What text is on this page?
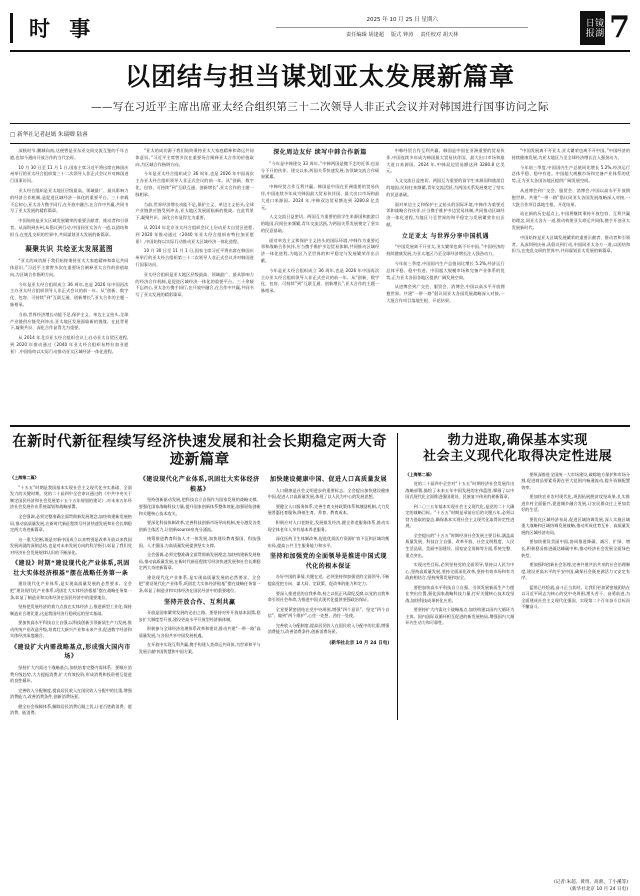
时 事	2025 年 10 月 25 日 星期六
责任编辑 胡逢超 版式 钟涛 责任校对 胡天林	镜湖日报 7
以团结与担当谋划亚太发展新篇章
——写在习近平主席出席亚太经合组织第三十二次领导人非正式会议并对韩国进行国事访问之际
□ 新华社记者赵嫣 朱瑞卿 陆睿

深秋时节,鹏城向南,这便曾是亚东亚交同交流互鉴的千年古港,也如今通向开放合作的当代坐标。

10 月 30 日至 11 月 1 日,国家主席习近平将出席在韩国庆州举行的亚太经合组织第三十二次领导人非正式会议并对韩国进行国事访问。

亚太经合组织是亚太地区层级最高、领域最广、最具影响力的经济合作机制,是促进区域经济一体化的重要平台。三十余载不忘初心,亚太各方携手同行,在开放中融合,在合作中共赢,共同书写了亚太发展的精彩篇章。

中国始终是亚太区域发展繁荣的重要贡献者、推动者和引领者。从深圳到庆州,从倡议到行动,中国同亚太各方一道,以团结和担当,在变乱交织的世界中,共同谋划亚太发展的新篇章。

凝聚共识 共绘亚太发展蓝图

“亚太的成功源于我们始终秉持亚太大家庭精神和命运共同体意识。”习近平主席曾多次在重要场合阐释亚太合作的价值取向,为区域合作指明方向。

今年是亚太经合组织成立 36 周年,也是 2026 年中国再次主办亚太经合组织领导人非正式会议的前一年。从“创新、数字化、包容、可持续”到“互联互通、创新增长”,亚太合作的主题一脉相承。

当前,世界经济增长动能不足,保护主义、单边主义抬头,全球产业链供应链受到冲击,亚太地区发展面临新的挑战。在此背景下,凝聚共识、深化合作显得尤为重要。

从 2014 年北京亚太经合组织会议上启动亚太自贸区进程,到 2020 年推动通过《2040 年亚太经合组织布特拉加亚愿景》,中国始终以实际行动推动亚太区域经济一体化进程。

“亚太的成功源于我们始终秉持亚太大家庭精神和命运共同体意识。”习近平主席曾多次在重要场合阐释亚太合作的价值取向,为区域合作指明方向。

今年是亚太经合组织成立 36 周年,也是 2026 年中国再次主办亚太经合组织领导人非正式会议的前一年。从“创新、数字化、包容、可持续”到“互联互通、创新增长”,亚太合作的主题一脉相承。

当前,世界经济增长动能不足,保护主义、单边主义抬头,全球产业链供应链受到冲击,亚太地区发展面临新的挑战。在此背景下,凝聚共识、深化合作显得尤为重要。

从 2014 年北京亚太经合组织会议上启动亚太自贸区进程,到 2020 年推动通过《2040 年亚太经合组织布特拉加亚愿景》,中国始终以实际行动推动亚太区域经济一体化进程。

10 月 30 日至 11 月 1 日,国家主席习近平将出席在韩国庆州举行的亚太经合组织第三十二次领导人非正式会议并对韩国进行国事访问。

亚太经合组织是亚太地区层级最高、领域最广、最具影响力的经济合作机制,是促进区域经济一体化的重要平台。三十余载不忘初心,亚太各方携手同行,在开放中融合,在合作中共赢,共同书写了亚太发展的精彩篇章。

深化周边友好 续写中韩合作新篇

“今年是中韩建交 33 周年。”中韩两国是搬不走的近邻,也是分不开的伙伴。建交以来,两国关系快速发展,各领域交流合作硕果累累。

中韩经贸合作互利共赢。韩国是中国在亚洲重要的贸易伙伴,中国连续多年成为韩国最大贸易伙伴国、最大出口市场和最大进口来源国。2024 年,中韩双边贸易额达到 3280.8 亿美元。

人文交流日益密切。两国互为重要的留学生来源国和旅游目的地国,民间往来频繁,青年交流活跃,为两国关系发展奠定了坚实的民意基础。

面对单边主义和保护主义抬头的国际环境,中韩作为重要近邻和战略合作伙伴,应当携手维护多边贸易体制,共同推动区域经济一体化进程,为地区乃至世界的和平稳定与发展繁荣作出贡献。

今年是亚太经合组织成立 36 周年,也是 2026 年中国再次主办亚太经合组织领导人非正式会议的前一年。从“创新、数字化、包容、可持续”到“互联互通、创新增长”,亚太合作的主题一脉相承。

中韩经贸合作互利共赢。韩国是中国在亚洲重要的贸易伙伴,中国连续多年成为韩国最大贸易伙伴国、最大出口市场和最大进口来源国。2024 年,中韩双边贸易额达到 3280.8 亿美元。

人文交流日益密切。两国互为重要的留学生来源国和旅游目的地国,民间往来频繁,青年交流活跃,为两国关系发展奠定了坚实的民意基础。

面对单边主义和保护主义抬头的国际环境,中韩作为重要近邻和战略合作伙伴,应当携手维护多边贸易体制,共同推动区域经济一体化进程,为地区乃至世界的和平稳定与发展繁荣作出贡献。

立足亚太 与世界分享中国机遇

“中国发展离不开亚太,亚太繁荣也离不开中国。”中国经济的持续健康发展,为亚太地区乃至全球经济增长注入强劲动力。

今年前三季度,中国国内生产总值同比增长 5.2%,经济运行总体平稳、稳中有进。中国超大规模市场和完备产业体系的优势,正为亚太各国各地区提供广阔发展空间。

从进博会到广交会、服贸会、消博会,中国以高水平开放拥抱世界。共建“一带一路”倡议同亚太各国发展战略深入对接,一大批合作项目落地生根、开花结果。

“中国发展离不开亚太,亚太繁荣也离不开中国。”中国经济的持续健康发展,为亚太地区乃至全球经济增长注入强劲动力。

今年前三季度,中国国内生产总值同比增长 5.2%,经济运行总体平稳、稳中有进。中国超大规模市场和完备产业体系的优势,正为亚太各国各地区提供广阔发展空间。

从进博会到广交会、服贸会、消博会,中国以高水平开放拥抱世界。共建“一带一路”倡议同亚太各国发展战略深入对接,一大批合作项目落地生根、开花结果。

站在新的历史起点上,中国将继续秉持开放包容、互利共赢的理念,同亚太各方一道,推动构建亚太命运共同体,携手开创亚太发展新时代。

中国始终是亚太区域发展繁荣的重要贡献者、推动者和引领者。从深圳到庆州,从倡议到行动,中国同亚太各方一道,以团结和担当,在变乱交织的世界中,共同谋划亚太发展的新篇章。

在新时代新征程续写经济快速发展和社会长期稳定两大奇迹新篇章

《上海第二篇》

“十五五”时期是我国基本实现社会主义现代化夯实基础、全面发力的关键时期。党的二十届四中全会审议通过的《中共中央关于制定国民经济和社会发展第十五个五年规划的建议》,对未来五年经济社会发展作出系统谋划和战略部署。

全会强调,必须完整准确全面贯彻新发展理念,加快构建新发展格局,推动高质量发展,在新时代新征程续写经济快速发展和社会长期稳定两大奇迹新篇章。

这一重大论断,既是对新中国成立以来特别是改革开放以来我国发展成就的深刻总结,也是对未来发展方向的科学指引,彰显了我们党对经济社会发展规律认识的不断深化。

《建设》时期“建设现代化产业体系,巩固壮大实体经济根基”摆在战略任务第一条

建设现代化产业体系,是实现高质量发展的必然要求。全会把“建设现代化产业体系,巩固壮大实体经济根基”摆在战略任务第一条,彰显了制造业和实体经济在国民经济中的重要地位。

坚持把发展经济的着力点放在实体经济上,推进新型工业化,保持制造业合理比重,这是我国经济行稳致远的坚实基础。

要加快高水平科技自立自强,以科技创新引领新质生产力发展,推动传统产业改造升级,培育壮大新兴产业和未来产业,促进数字经济和实体经济深度融合。

《建设扩大内需战略基点,形成强大国内市场》

坚持扩大内需这个战略基点,加快培育完整内需体系。要顺应消费升级趋势,大力提振消费,扩大有效投资,形成消费和投资相互促进的良性循环。

完善收入分配制度,提高居民收入在国民收入分配中的比重,增强消费能力,改善消费条件,创新消费场景。

健全社会保障体系,解除居民消费后顾之忧,让老百姓敢消费、愿消费、能消费。

《建设现代化产业体系,巩固壮大实体经济根基》

坚持创新驱动发展,把科技自立自强作为国家发展的战略支撑。要强化国家战略科技力量,提升国家创新体系整体效能,加强原始创新和关键核心技术攻关。

要深化科技体制改革,完善科技创新市场导向机制,充分激发各类创新主体活力,让创新source泉充分涌流。

统筹推进教育科技人才一体发展,加快建设教育强国、科技强国、人才强国,为高质量发展提供坚实支撑。

全会强调,必须完整准确全面贯彻新发展理念,加快构建新发展格局,推动高质量发展,在新时代新征程续写经济快速发展和社会长期稳定两大奇迹新篇章。

建设现代化产业体系,是实现高质量发展的必然要求。全会把“建设现代化产业体系,巩固壮大实体经济根基”摆在战略任务第一条,彰显了制造业和实体经济在国民经济中的重要地位。

坚持开放合作、互利共赢

开放是国家繁荣发展的必由之路。要坚持对外开放基本国策,稳步扩大制度型开放,建设更高水平开放型经济新体制。

积极参与全球经济治理体系改革和建设,推动共建“一带一路”高质量发展,与各国共享中国发展机遇。

在开放中实现互利共赢,携手构建人类命运共同体,为世界和平与发展贡献中国智慧和中国方案。

加快建设健康中国、促进人口高质量发展

人口健康是社会文明进步的重要标志。全会提出加快建设健康中国,促进人口高质量发展,体现了以人民为中心的发展思想。

要健全人口服务体系,完善生育支持政策体系和激励机制,大力发展普惠托育服务,降低生育、养育、教育成本。

积极应对人口老龄化,发展银发经济,健全养老服务体系,推动实现全体老年人享有基本养老服务。

深化医药卫生体制改革,促进优质医疗资源扩容下沉和区域均衡布局,提高公共卫生服务能力和水平。

坚持和加强党的全面领导是推进中国式现代化的根本保证

办好中国的事情,关键在党。必须坚持和加强党的全面领导,不断提高党把方向、谋大局、定政策、促改革的能力和定力。

要深入推进党的自我革命,持之以恒正风肃纪反腐,以党的自我革命引领社会革命,为推进中国式现代化提供坚强政治保证。

全党要紧密团结在党中央周围,增强“四个意识”、坚定“四个自信”、做到“两个维护”,心往一处想、劲往一处使。

完善收入分配制度,提高居民收入在国民收入分配中的比重,增强消费能力,改善消费条件,创新消费场景。

(新华社北京 10 月 24 日电)
勃力进取,确保基本实现
社会主义现代化取得决定性进展

《上海第二篇》

党的二十届四中全会对“十五五”时期经济社会发展作出战略部署,描绘了未来五年中国发展的宏伟蓝图,擘画了以中国式现代化全面推进强国建设、民族复兴伟业的崭新篇章。

到二〇三五年基本实现社会主义现代化,是党的二十大确定的战略目标。“十五五”时期是承前启后的关键五年,必须以勃力进取的姿态,确保基本实现社会主义现代化取得决定性进展。

全会提出的“十五五”时期经济社会发展主要目标,涵盖高质量发展、科技自立自强、改革开放、社会文明程度、人民生活品质、美丽中国建设、国家安全屏障等方面,系统完整、重点突出。

实现这些目标,必须坚持党的全面领导,坚持以人民为中心,坚持高质量发展,坚持全面深化改革,坚持有效市场和有为政府相结合,坚持统筹发展和安全。

要把加快高水平科技自立自强、引领发展新质生产力摆在突出位置,强化国家战略科技力量,打好关键核心技术攻坚战,加快科技成果转化应用。

要坚持扩大内需这个战略基点,加快构建以国内大循环为主体、国内国际双循环相互促进的新发展格局,增强国内大循环内生动力和可靠性。

要纵深推进全国统一大市场建设,破除地方保护和市场分割,促进商品要素资源在更大范围内畅通流动,提升资源配置效率。

要加快农业农村现代化,巩固拓展脱贫攻坚成果,扎实推进乡村全面振兴,促进城乡融合发展,让农民群众过上更加美好的生活。

要优化区域经济布局,促进区域协调发展,深入实施区域重大战略和区域协调发展战略,推动形成优势互补、高质量发展的区域经济布局。

要加快建设美丽中国,协同推进降碳、减污、扩绿、增长,积极稳妥推进碳达峰碳中和,推动经济社会发展全面绿色转型。

要加强和创新社会治理,完善共建共治共享的社会治理制度,建设更高水平的平安中国,确保社会既充满活力又安定有序。

蓝图已经绘就,奋斗正当其时。让我们更加紧密地团结在以习近平同志为核心的党中央周围,埋头苦干、奋勇前进,为全面建成社会主义现代化强国、实现第二个百年奋斗目标而不懈奋斗。

(记者:朱超、黄玥、高蕾、丁小溪等)
(新华社北京 10 月 24 日电)
